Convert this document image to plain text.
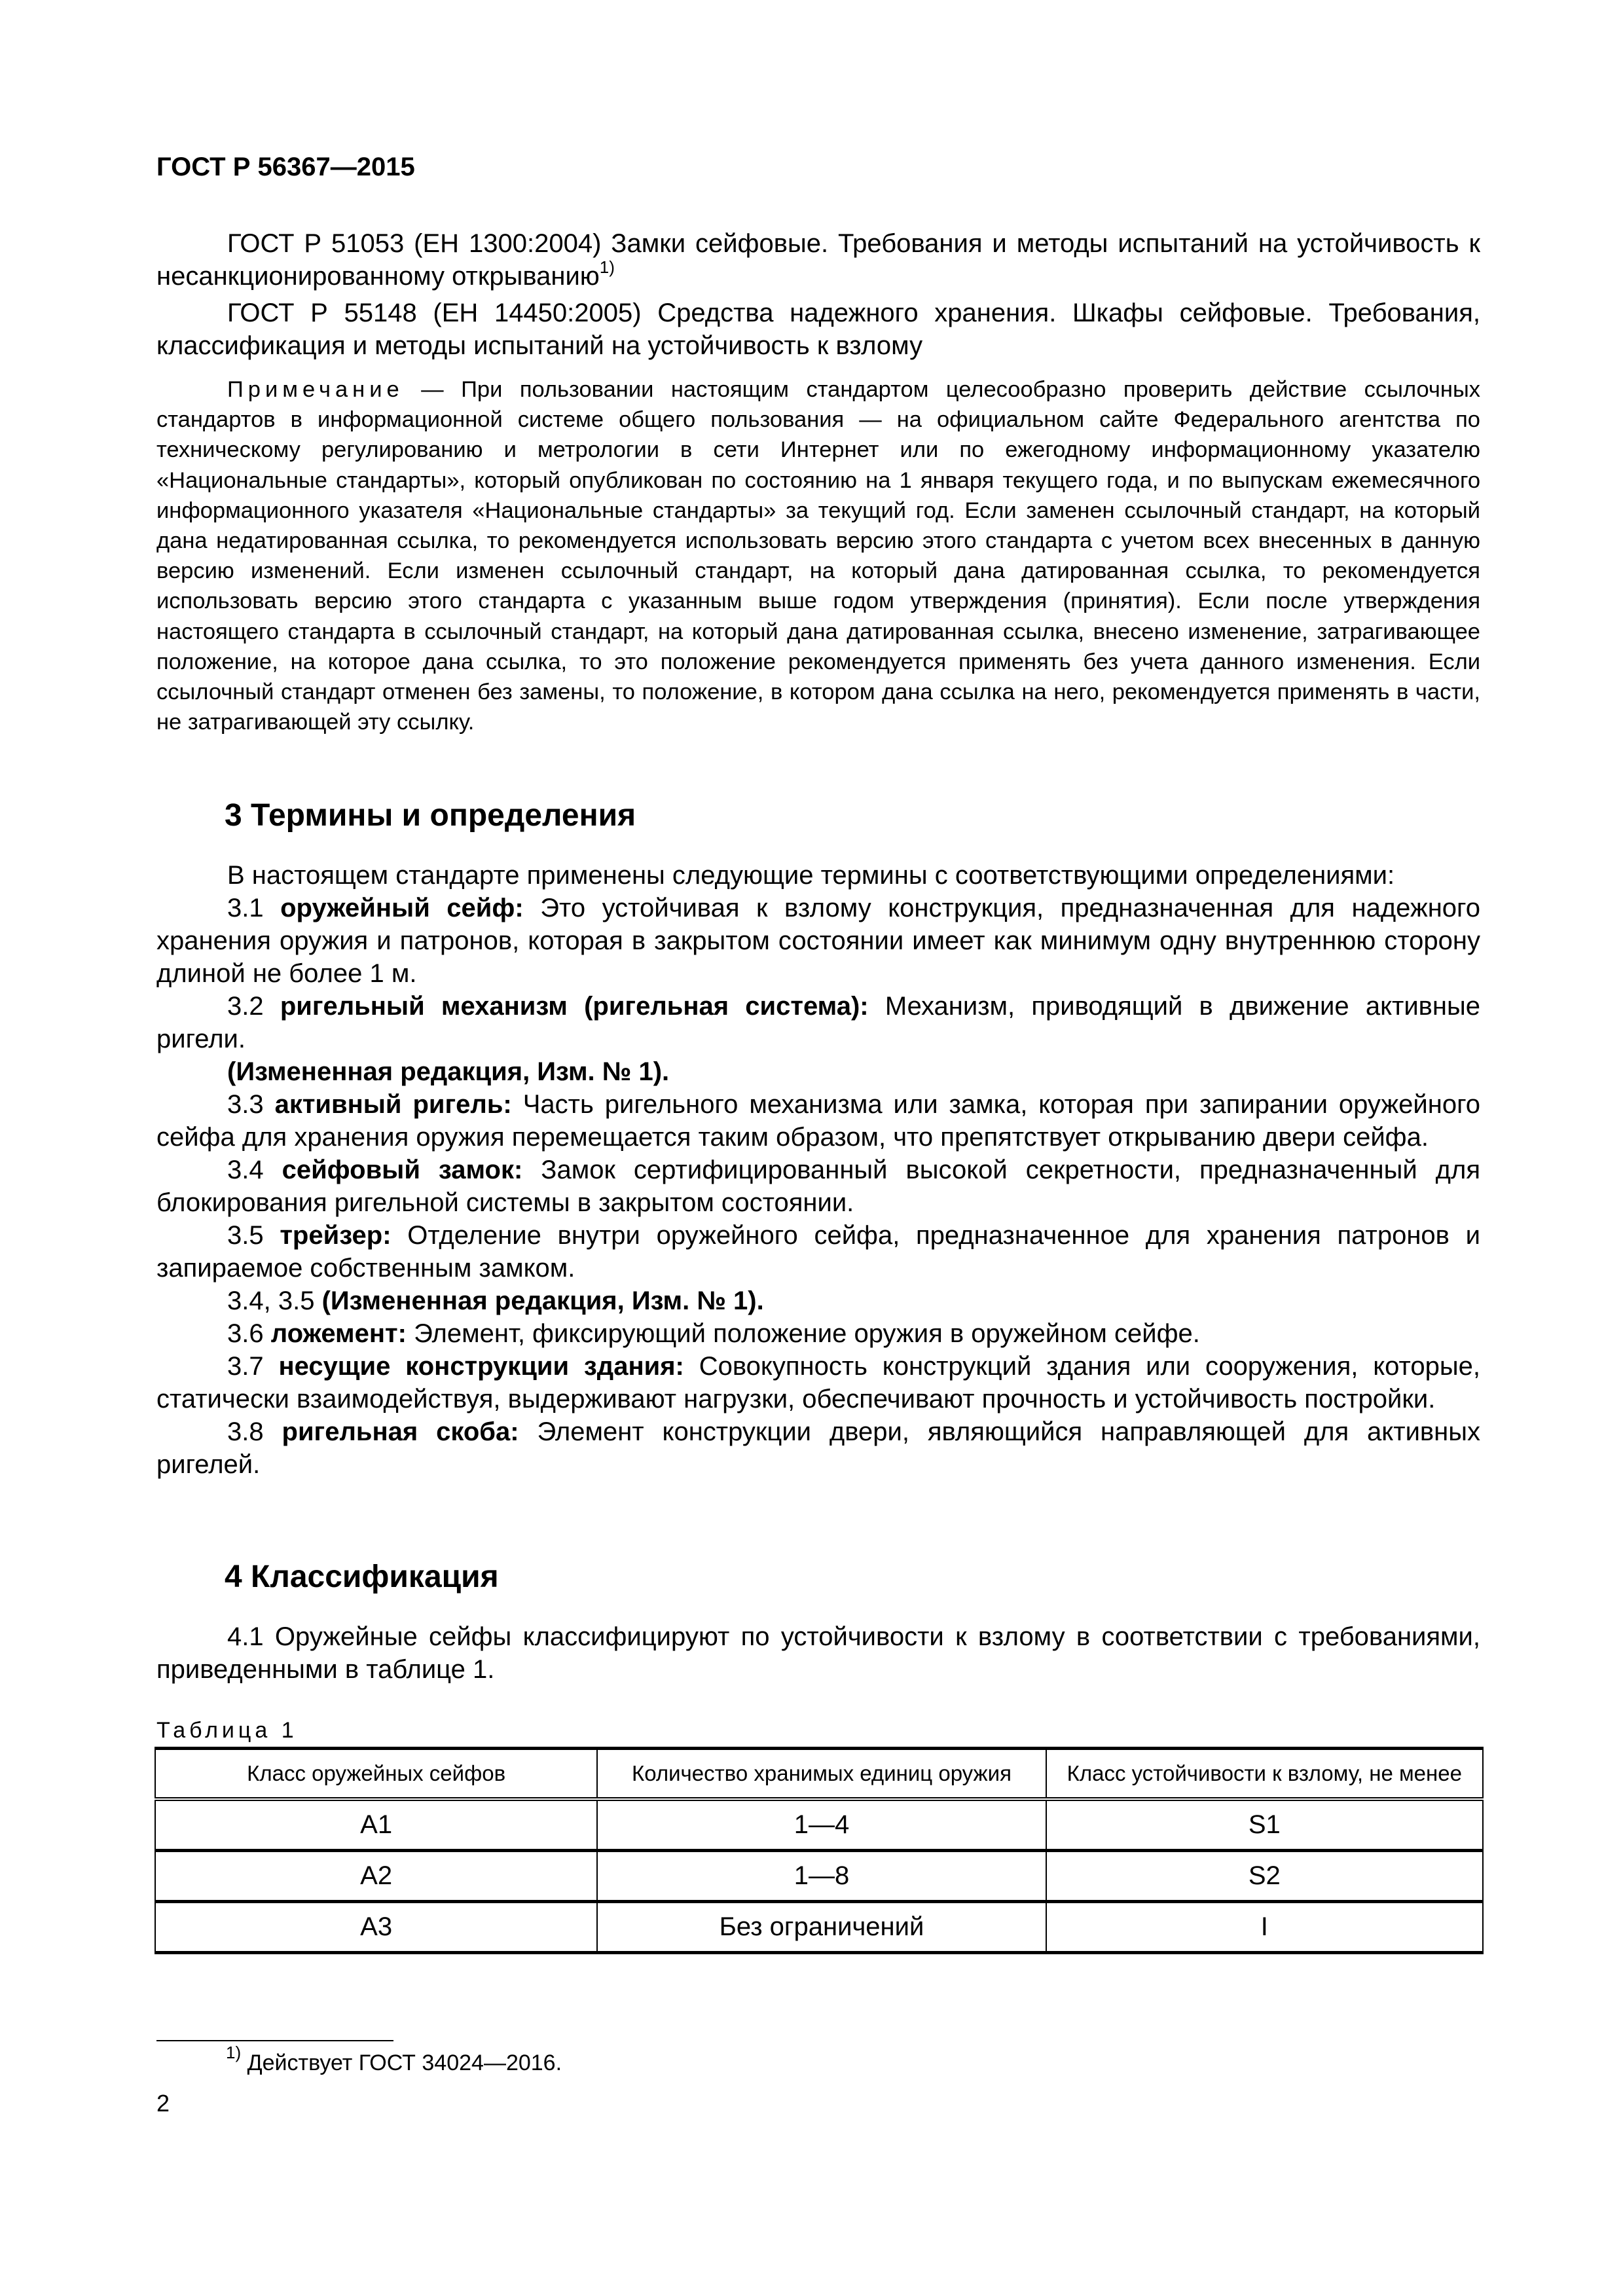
ГОСТ Р 56367—2015

ГОСТ Р 51053 (ЕН 1300:2004) Замки сейфовые. Требования и методы испытаний на устойчивость к несанкционированному открыванию$^{1)}$

ГОСТ Р 55148 (ЕН 14450:2005) Средства надежного хранения. Шкафы сейфовые. Требования, классификация и методы испытаний на устойчивость к взлому

Примечание — При пользовании настоящим стандартом целесообразно проверить действие ссылочных стандартов в информационной системе общего пользования — на официальном сайте Федерального агентства по техническому регулированию и метрологии в сети Интернет или по ежегодному информационному указателю «Национальные стандарты», который опубликован по состоянию на 1 января текущего года, и по выпускам ежемесячного информационного указателя «Национальные стандарты» за текущий год. Если заменен ссылочный стандарт, на который дана недатированная ссылка, то рекомендуется использовать версию этого стандарта с учетом всех внесенных в данную версию изменений. Если изменен ссылочный стандарт, на который дана датированная ссылка, то рекомендуется использовать версию этого стандарта с указанным выше годом утверждения (принятия). Если после утверждения настоящего стандарта в ссылочный стандарт, на который дана датированная ссылка, внесено изменение, затрагивающее положение, на которое дана ссылка, то это положение рекомендуется применять без учета данного изменения. Если ссылочный стандарт отменен без замены, то положение, в котором дана ссылка на него, рекомендуется применять в части, не затрагивающей эту ссылку.

3 Термины и определения

В настоящем стандарте применены следующие термины с соответствующими определениями:

3.1 оружейный сейф: Это устойчивая к взлому конструкция, предназначенная для надежного хранения оружия и патронов, которая в закрытом состоянии имеет как минимум одну внутреннюю сторону длиной не более 1 м.

3.2 ригельный механизм (ригельная система): Механизм, приводящий в движение активные ригели.

(Измененная редакция, Изм. № 1).

3.3 активный ригель: Часть ригельного механизма или замка, которая при запирании оружейного сейфа для хранения оружия перемещается таким образом, что препятствует открыванию двери сейфа.

3.4 сейфовый замок: Замок сертифицированный высокой секретности, предназначенный для блокирования ригельной системы в закрытом состоянии.

3.5 трейзер: Отделение внутри оружейного сейфа, предназначенное для хранения патронов и запираемое собственным замком.

3.4, 3.5 (Измененная редакция, Изм. № 1).

3.6 ложемент: Элемент, фиксирующий положение оружия в оружейном сейфе.

3.7 несущие конструкции здания: Совокупность конструкций здания или сооружения, которые, статически взаимодействуя, выдерживают нагрузки, обеспечивают прочность и устойчивость постройки.

3.8 ригельная скоба: Элемент конструкции двери, являющийся направляющей для активных ригелей.

4 Классификация

4.1 Оружейные сейфы классифицируют по устойчивости к взлому в соответствии с требованиями, приведенными в таблице 1.

Таблица 1
Класс оружейных сейфов	Количество хранимых единиц оружия	Класс устойчивости к взлому, не менее
A1	1—4	S1
A2	1—8	S2
A3	Без ограничений	I
$^{1)}$ Действует ГОСТ 34024—2016.
2
